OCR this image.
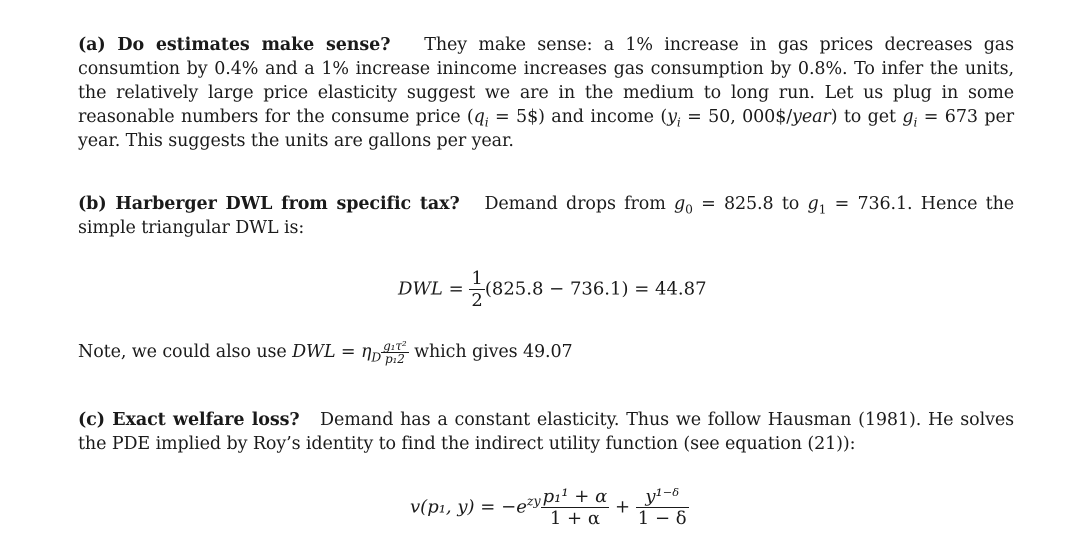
(a) Do estimates make sense? They make sense: a 1% increase in gas prices decreases gas consumtion by 0.4% and a 1% increase inincome increases gas consumption by 0.8%. To infer the units, the relatively large price elasticity suggest we are in the medium to long run. Let us plug in some reasonable numbers for the consume price ($q_i$ = 5$) and income ($y_i = 50$, 000$/year) to get $g_i = 673$ per year. This suggests the units are gallons per year.
(b) Harberger DWL from specific tax? Demand drops from $g_0 = 825.8$ to $g_1 = 736.1$. Hence the simple triangular DWL is:
DWL = $\frac{1}{2} (825.8 - 736.1) = 44.87$
Note, we could also use DWL = $\eta_D \frac{\text{g₁τ²}}{\text{p₁2}}$ which gives 49.07
(c) Exact welfare loss? Demand has a constant elasticity. Thus we follow Hausman (1981). He solves the PDE implied by Roy’s identity to find the indirect utility function (see equation (21)):
v(p₁, $y) = -e^{zy} \frac{\text{p₁¹ + α}}{1 + \alpha} + \frac{\text{y¹⁻ᵟ}}{1 - \delta}$
